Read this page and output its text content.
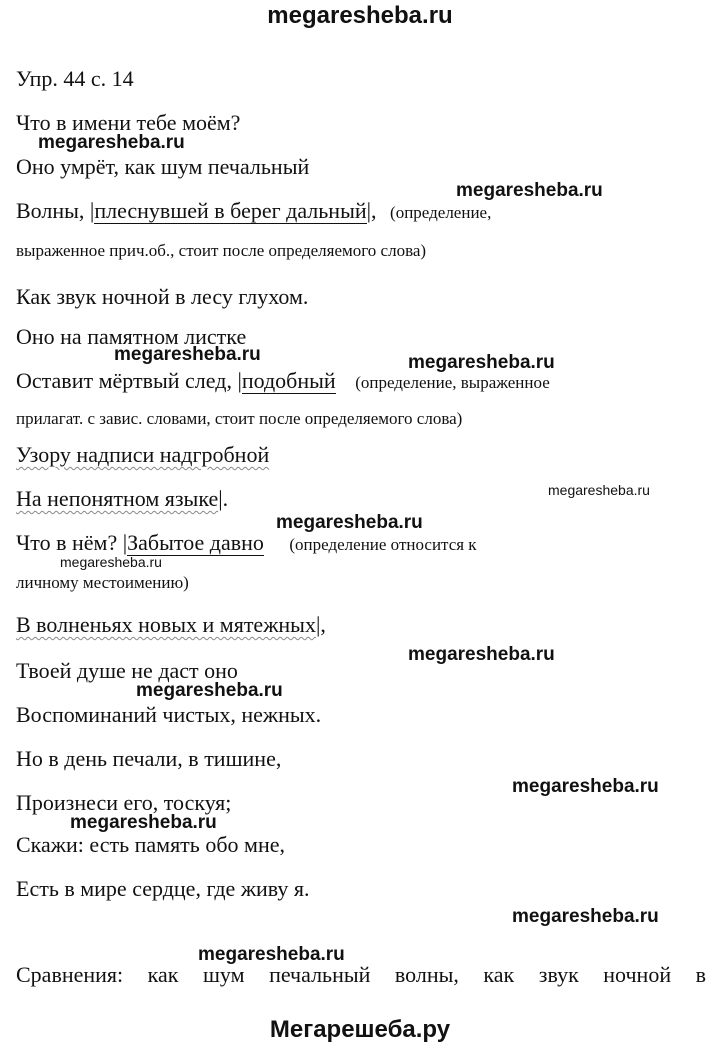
megaresheba.ru
Упр. 44 с. 14
Что в имени тебе моём?
Оно умрёт, как шум печальный
Волны, |плеснувшей в берег дальный|, (определение,
выраженное прич.об., стоит после определяемого слова)
Как звук ночной в лесу глухом.
Оно на памятном листке
Оставит мёртвый след, |подобный (определение, выраженное
прилагат. с завис. словами, стоит после определяемого слова)
Узору надписи надгробной
На непонятном языке|.
Что в нём? |Забытое давно (определение относится к
личному местоимению)
В волненьях новых и мятежных|,
Твоей душе не даст оно
Воспоминаний чистых, нежных.
Но в день печали, в тишине,
Произнеси его, тоскуя;
Скажи: есть память обо мне,
Есть в мире сердце, где живу я.
Сравнения: как шум печальный волны, как звук ночной в
megaresheba.ru
megaresheba.ru
megaresheba.ru	megaresheba.ru
megaresheba.ru
megaresheba.ru
megaresheba.ru
megaresheba.ru
megaresheba.ru
megaresheba.ru
megaresheba.ru
megaresheba.ru
megaresheba.ru
Мегарешеба.ру
